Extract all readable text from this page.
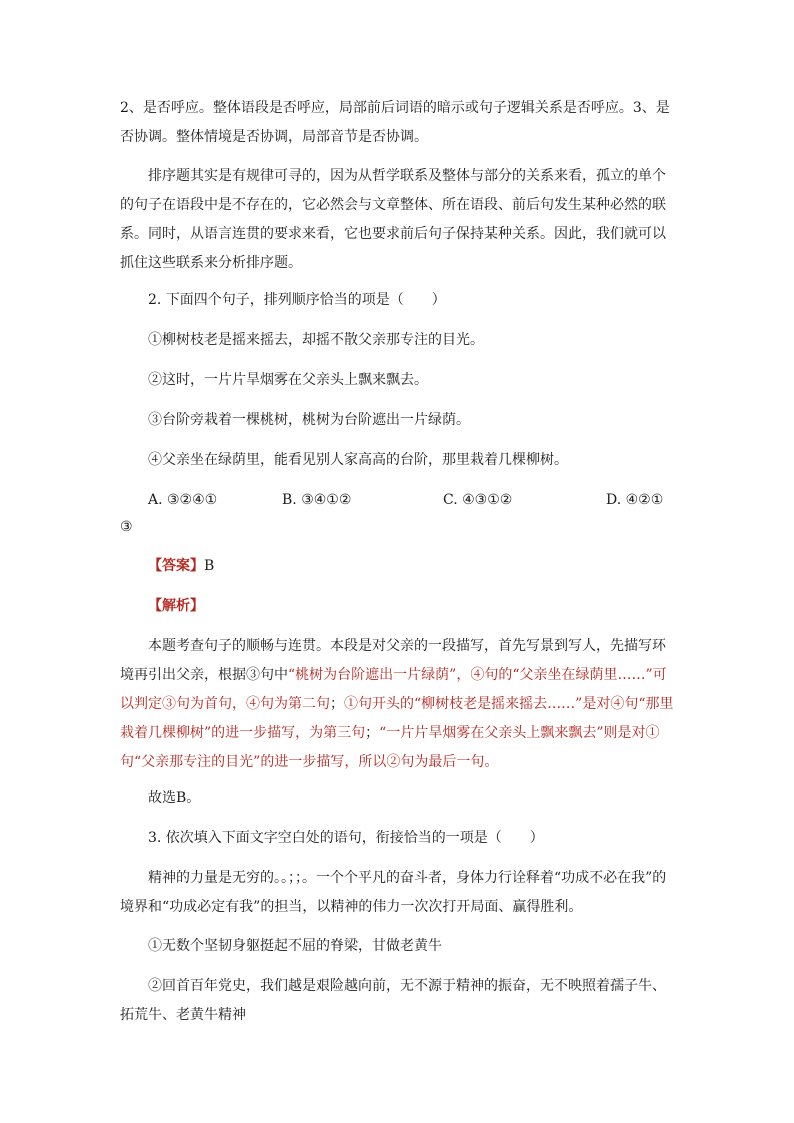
2、是否呼应。整体语段是否呼应，局部前后词语的暗示或句子逻辑关系是否呼应。3、是否协调。整体情境是否协调，局部音节是否协调。

排序题其实是有规律可寻的，因为从哲学联系及整体与部分的关系来看，孤立的单个的句子在语段中是不存在的，它必然会与文章整体、所在语段、前后句发生某种必然的联系。同时，从语言连贯的要求来看，它也要求前后句子保持某种关系。因此，我们就可以抓住这些联系来分析排序题。

2. 下面四个句子，排列顺序恰当的项是（　　）

①柳树枝老是摇来摇去，却摇不散父亲那专注的目光。

②这时，一片片旱烟雾在父亲头上飘来飘去。

③台阶旁栽着一棵桃树，桃树为台阶遮出一片绿荫。

④父亲坐在绿荫里，能看见别人家高高的台阶，那里栽着几棵柳树。

A. ③②④①	B. ③④①②	C. ④③①②	D. ④②①
③

【答案】B

【解析】

本题考查句子的顺畅与连贯。本段是对父亲的一段描写，首先写景到写人，先描写环境再引出父亲，根据③句中“桃树为台阶遮出一片绿荫”，④句的“父亲坐在绿荫里……”可以判定③句为首句，④句为第二句；①句开头的“柳树枝老是摇来摇去……”是对④句“那里栽着几棵柳树”的进一步描写，为第三句；“一片片旱烟雾在父亲头上飘来飘去”则是对①句“父亲那专注的目光”的进一步描写，所以②句为最后一句。

故选B。

3. 依次填入下面文字空白处的语句，衔接恰当的一项是（　　）

精神的力量是无穷的。。；；。一个个平凡的奋斗者，身体力行诠释着“功成不必在我”的境界和“功成必定有我”的担当，以精神的伟力一次次打开局面、赢得胜利。

①无数个坚韧身躯挺起不屈的脊梁，甘做老黄牛

②回首百年党史，我们越是艰险越向前，无不源于精神的振奋，无不映照着孺子牛、拓荒牛、老黄牛精神
